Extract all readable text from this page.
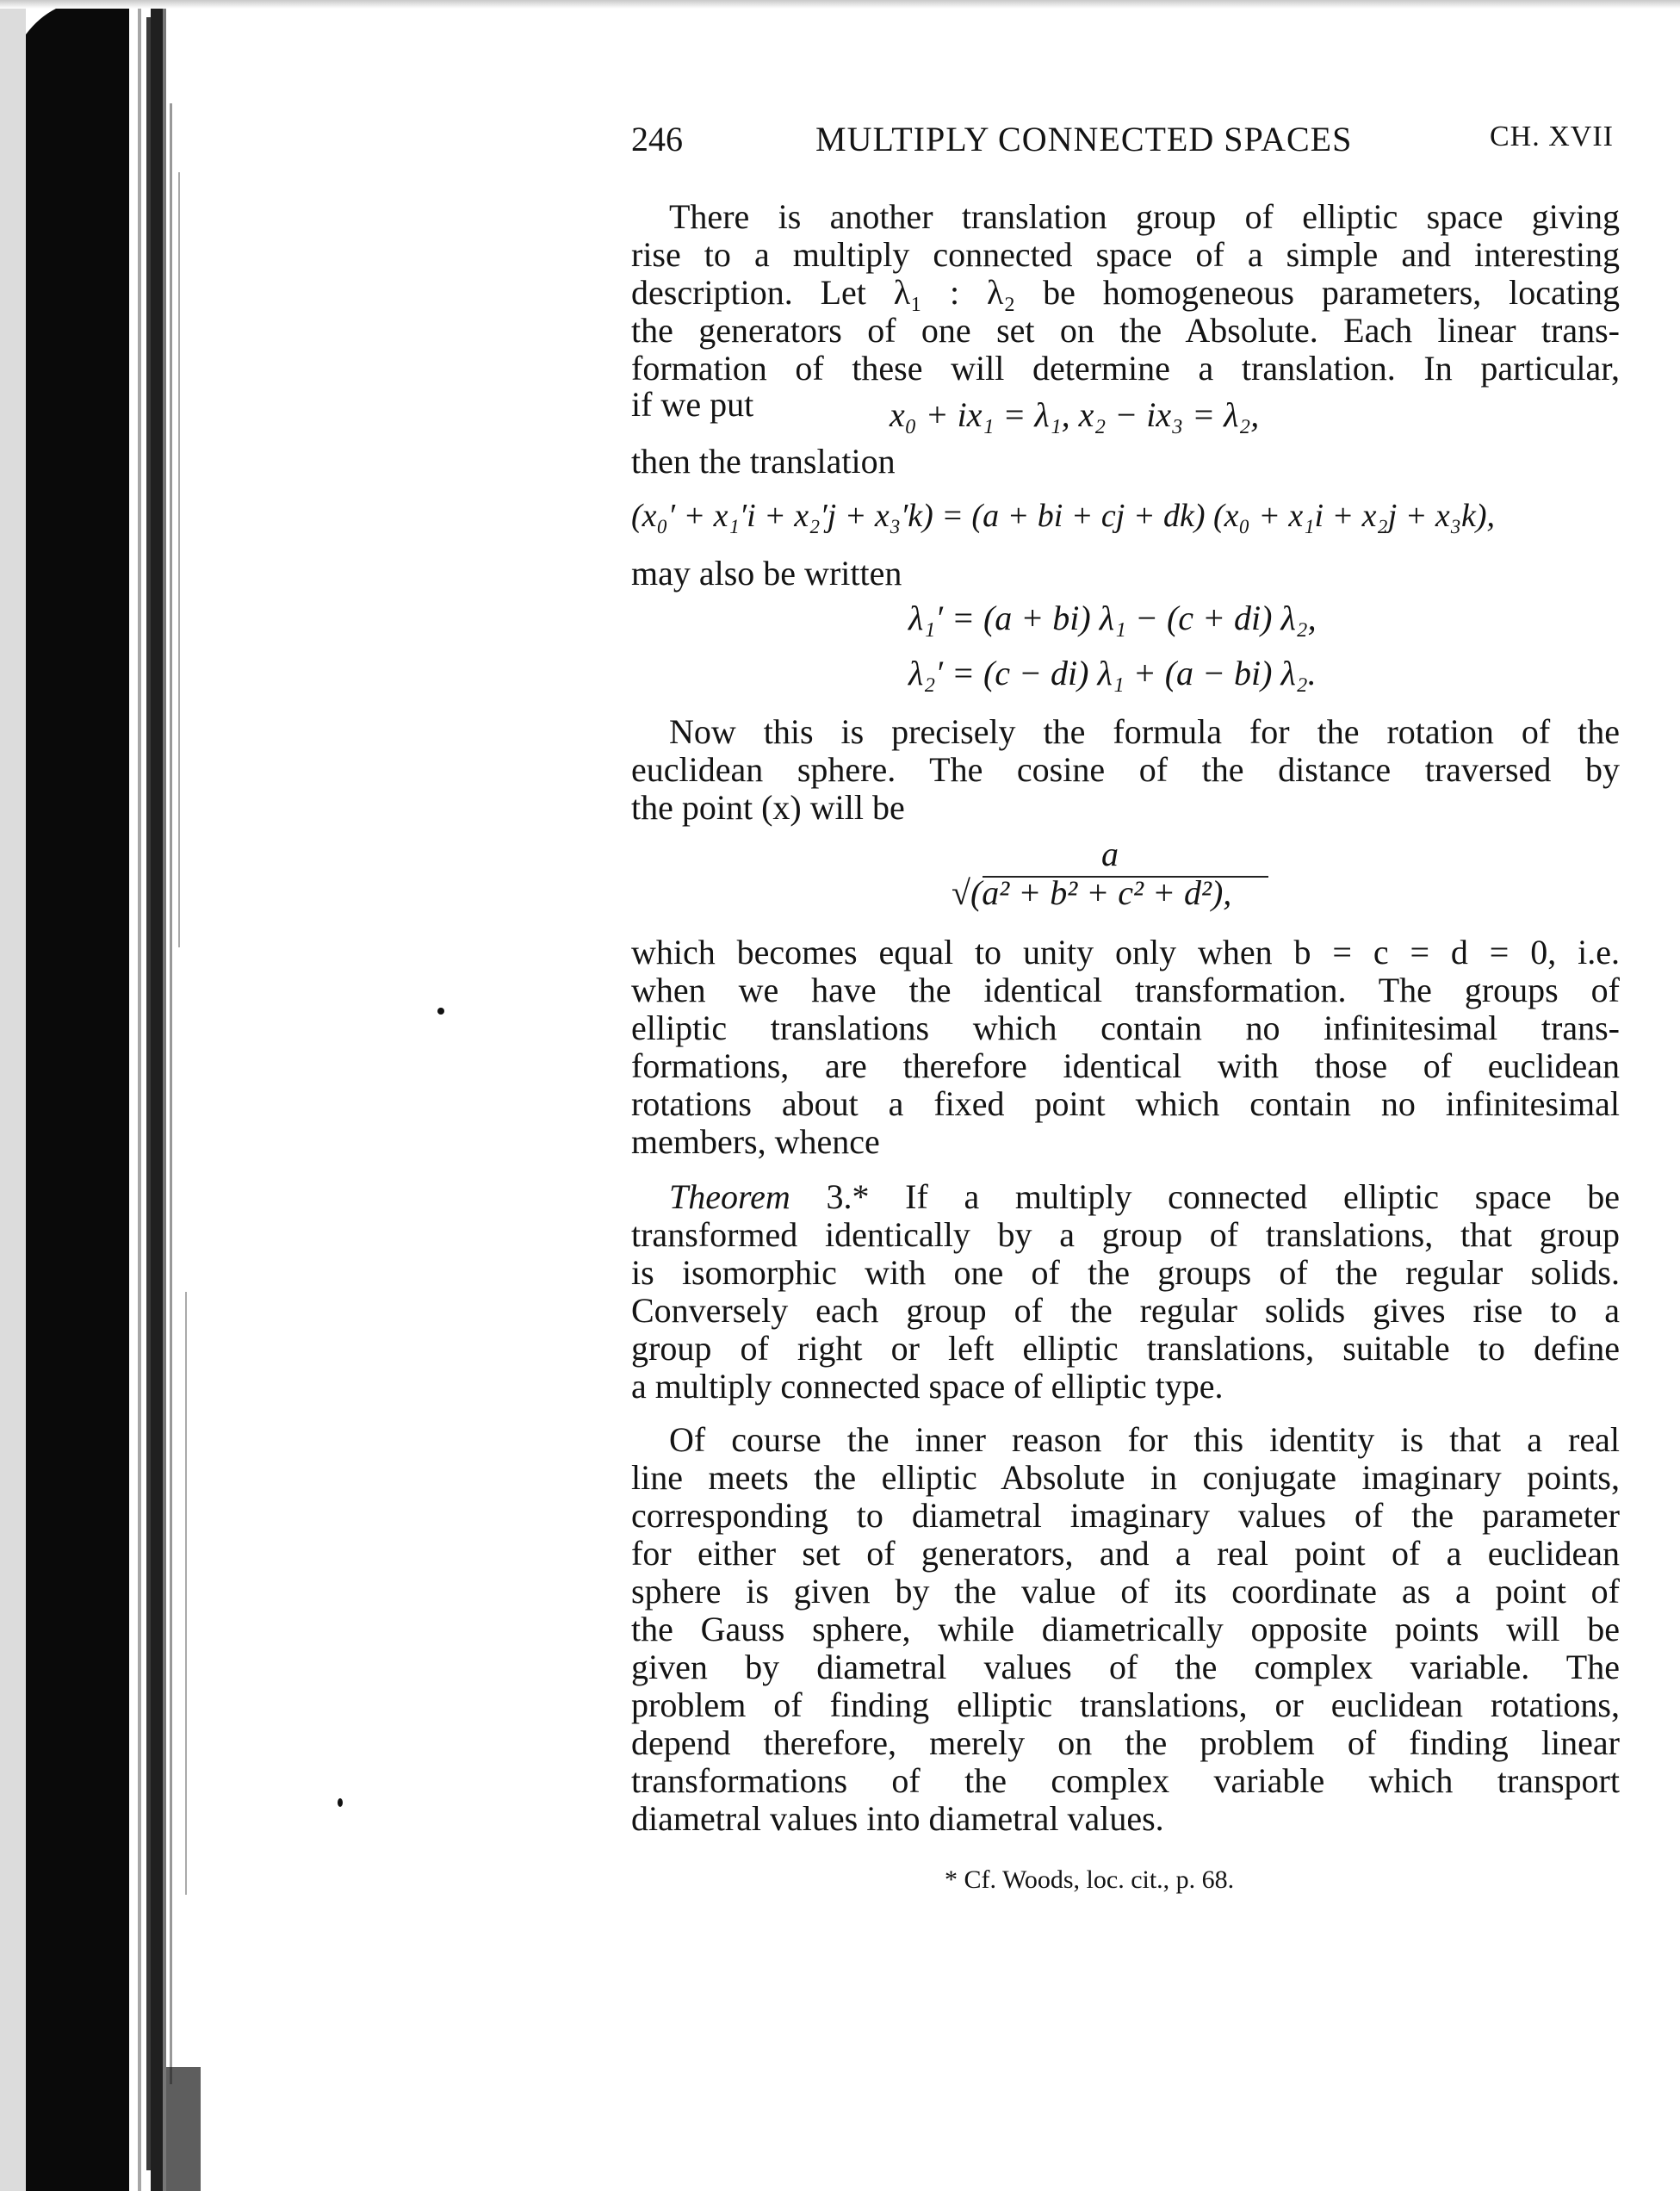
246	MULTIPLY CONNECTED SPACES	CH. XVII
There is another translation group of elliptic space giving
rise to a multiply connected space of a simple and interesting
description. Let λ₁ : λ₂ be homogeneous parameters, locating
the generators of one set on the Absolute. Each linear trans-
formation of these will determine a translation. In particular,
if we put	x₀ + ix₁ = λ₁, x₂ − ix₃ = λ₂,
then the translation
(x₀′ + x₁′i + x₂′j + x₃′k) = (a + bi + cj + dk) (x₀ + x₁i + x₂j + x₃k),
may also be written
λ₁′ = (a + bi) λ₁ − (c + di) λ₂,
λ₂′ = (c − di) λ₁ + (a − bi) λ₂.
Now this is precisely the formula for the rotation of the
euclidean sphere. The cosine of the distance traversed by
the point (x) will be
a
√(a² + b² + c² + d²),
which becomes equal to unity only when b = c = d = 0, i.e.
when we have the identical transformation. The groups of
elliptic translations which contain no infinitesimal trans-
formations, are therefore identical with those of euclidean
rotations about a fixed point which contain no infinitesimal
members, whence
Theorem 3.* If a multiply connected elliptic space be
transformed identically by a group of translations, that group
is isomorphic with one of the groups of the regular solids.
Conversely each group of the regular solids gives rise to a
group of right or left elliptic translations, suitable to define
a multiply connected space of elliptic type.
Of course the inner reason for this identity is that a real
line meets the elliptic Absolute in conjugate imaginary points,
corresponding to diametral imaginary values of the parameter
for either set of generators, and a real point of a euclidean
sphere is given by the value of its coordinate as a point of
the Gauss sphere, while diametrically opposite points will be
given by diametral values of the complex variable. The
problem of finding elliptic translations, or euclidean rotations,
depend therefore, merely on the problem of finding linear
transformations of the complex variable which transport
diametral values into diametral values.
* Cf. Woods, loc. cit., p. 68.
